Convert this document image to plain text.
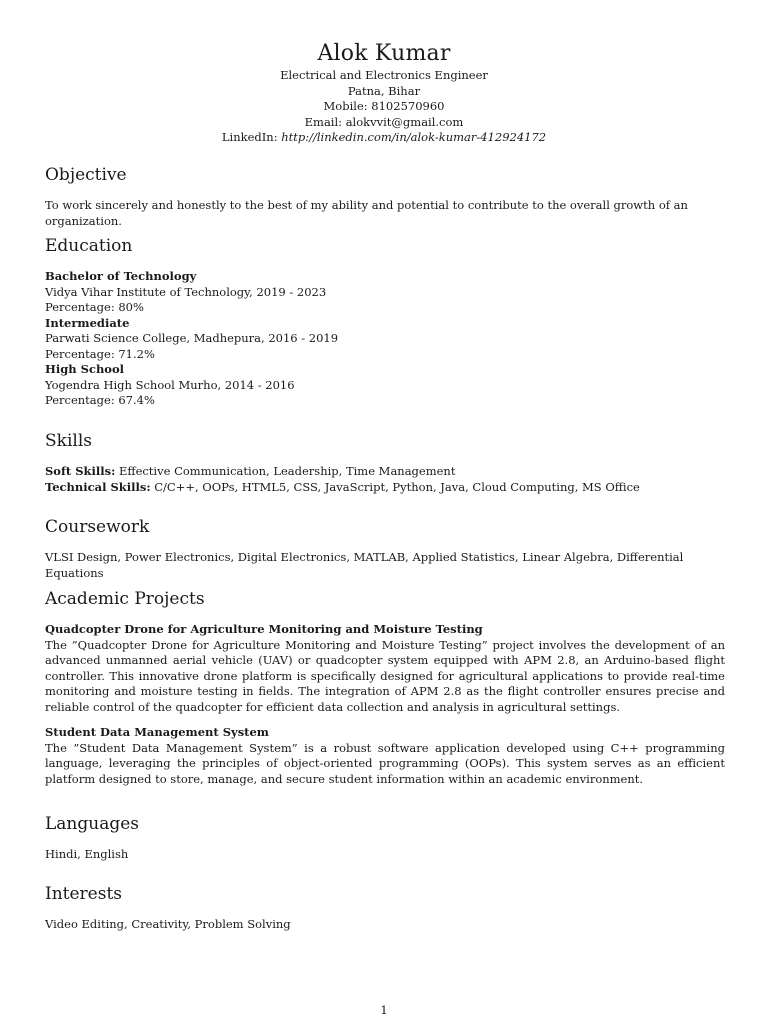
Alok Kumar
Electrical and Electronics Engineer
Patna, Bihar
Mobile: 8102570960
Email: alokvvit@gmail.com
LinkedIn: http://linkedin.com/in/alok-kumar-412924172
Objective
To work sincerely and honestly to the best of my ability and potential to contribute to the overall growth of an organization.
Education
Bachelor of Technology
Vidya Vihar Institute of Technology, 2019 - 2023
Percentage: 80%
Intermediate
Parwati Science College, Madhepura, 2016 - 2019
Percentage: 71.2%
High School
Yogendra High School Murho, 2014 - 2016
Percentage: 67.4%
Skills
Soft Skills: Effective Communication, Leadership, Time Management
Technical Skills: C/C++, OOPs, HTML5, CSS, JavaScript, Python, Java, Cloud Computing, MS Office
Coursework
VLSI Design, Power Electronics, Digital Electronics, MATLAB, Applied Statistics, Linear Algebra, Differential Equations
Academic Projects
Quadcopter Drone for Agriculture Monitoring and Moisture Testing
The ”Quadcopter Drone for Agriculture Monitoring and Moisture Testing” project involves the development of an advanced unmanned aerial vehicle (UAV) or quadcopter system equipped with APM 2.8, an Arduino-based flight controller. This innovative drone platform is specifically designed for agricultural applications to provide real-time monitoring and moisture testing in fields. The integration of APM 2.8 as the flight controller ensures precise and reliable control of the quadcopter for efficient data collection and analysis in agricultural settings.
Student Data Management System
The ”Student Data Management System” is a robust software application developed using C++ programming language, leveraging the principles of object-oriented programming (OOPs). This system serves as an efficient platform designed to store, manage, and secure student information within an academic environment.
Languages
Hindi, English
Interests
Video Editing, Creativity, Problem Solving
1
